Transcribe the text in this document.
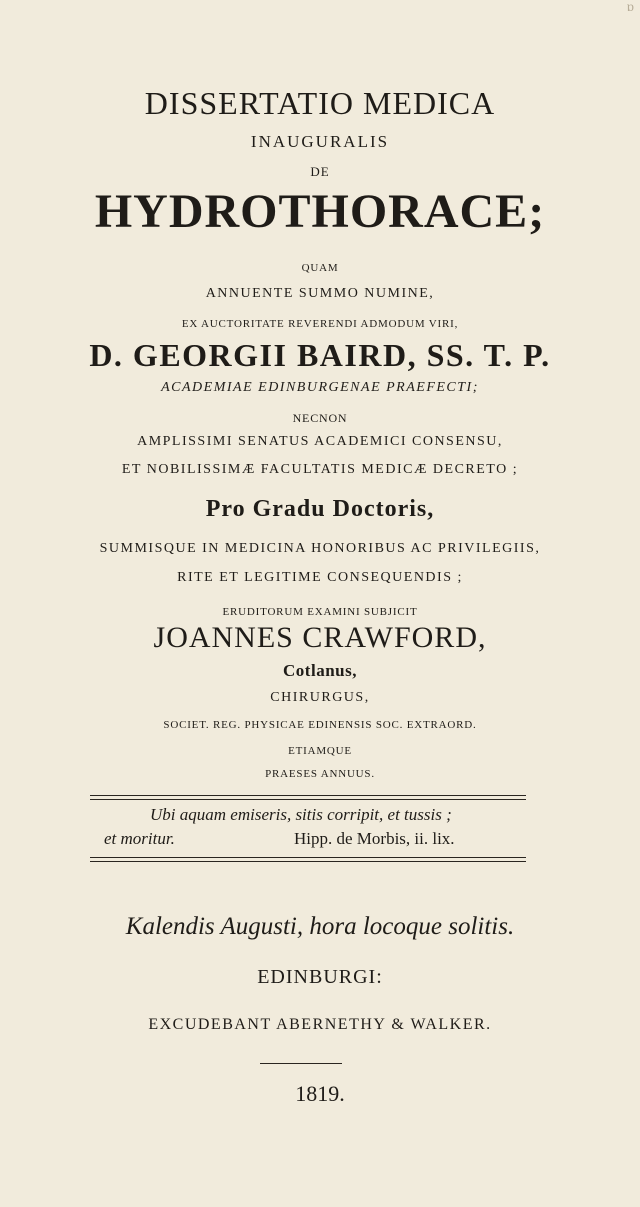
ɒ
DISSERTATIO MEDICA
INAUGURALIS
DE
HYDROTHORACE;
QUAM
ANNUENTE SUMMO NUMINE,
EX AUCTORITATE REVERENDI ADMODUM VIRI,
D. GEORGII BAIRD, SS. T. P.
ACADEMIAE EDINBURGENAE PRAEFECTI;
NECNON
AMPLISSIMI SENATUS ACADEMICI CONSENSU,
ET NOBILISSIMÆ FACULTATIS MEDICÆ DECRETO ;
Pro Gradu Doctoris,
SUMMISQUE IN MEDICINA HONORIBUS AC PRIVILEGIIS,
RITE ET LEGITIME CONSEQUENDIS ;
ERUDITORUM EXAMINI SUBJICIT
JOANNES CRAWFORD,
Cotlanus,
CHIRURGUS,
SOCIET. REG. PHYSICAE EDINENSIS SOC. EXTRAORD.
ETIAMQUE
PRAESES ANNUUS.
Ubi aquam emiseris, sitis corripit, et tussis ;
et moritur.	Hipp. de Morbis, ii. lix.
Kalendis Augusti, hora locoque solitis.
EDINBURGI:
EXCUDEBANT ABERNETHY & WALKER.
1819.
